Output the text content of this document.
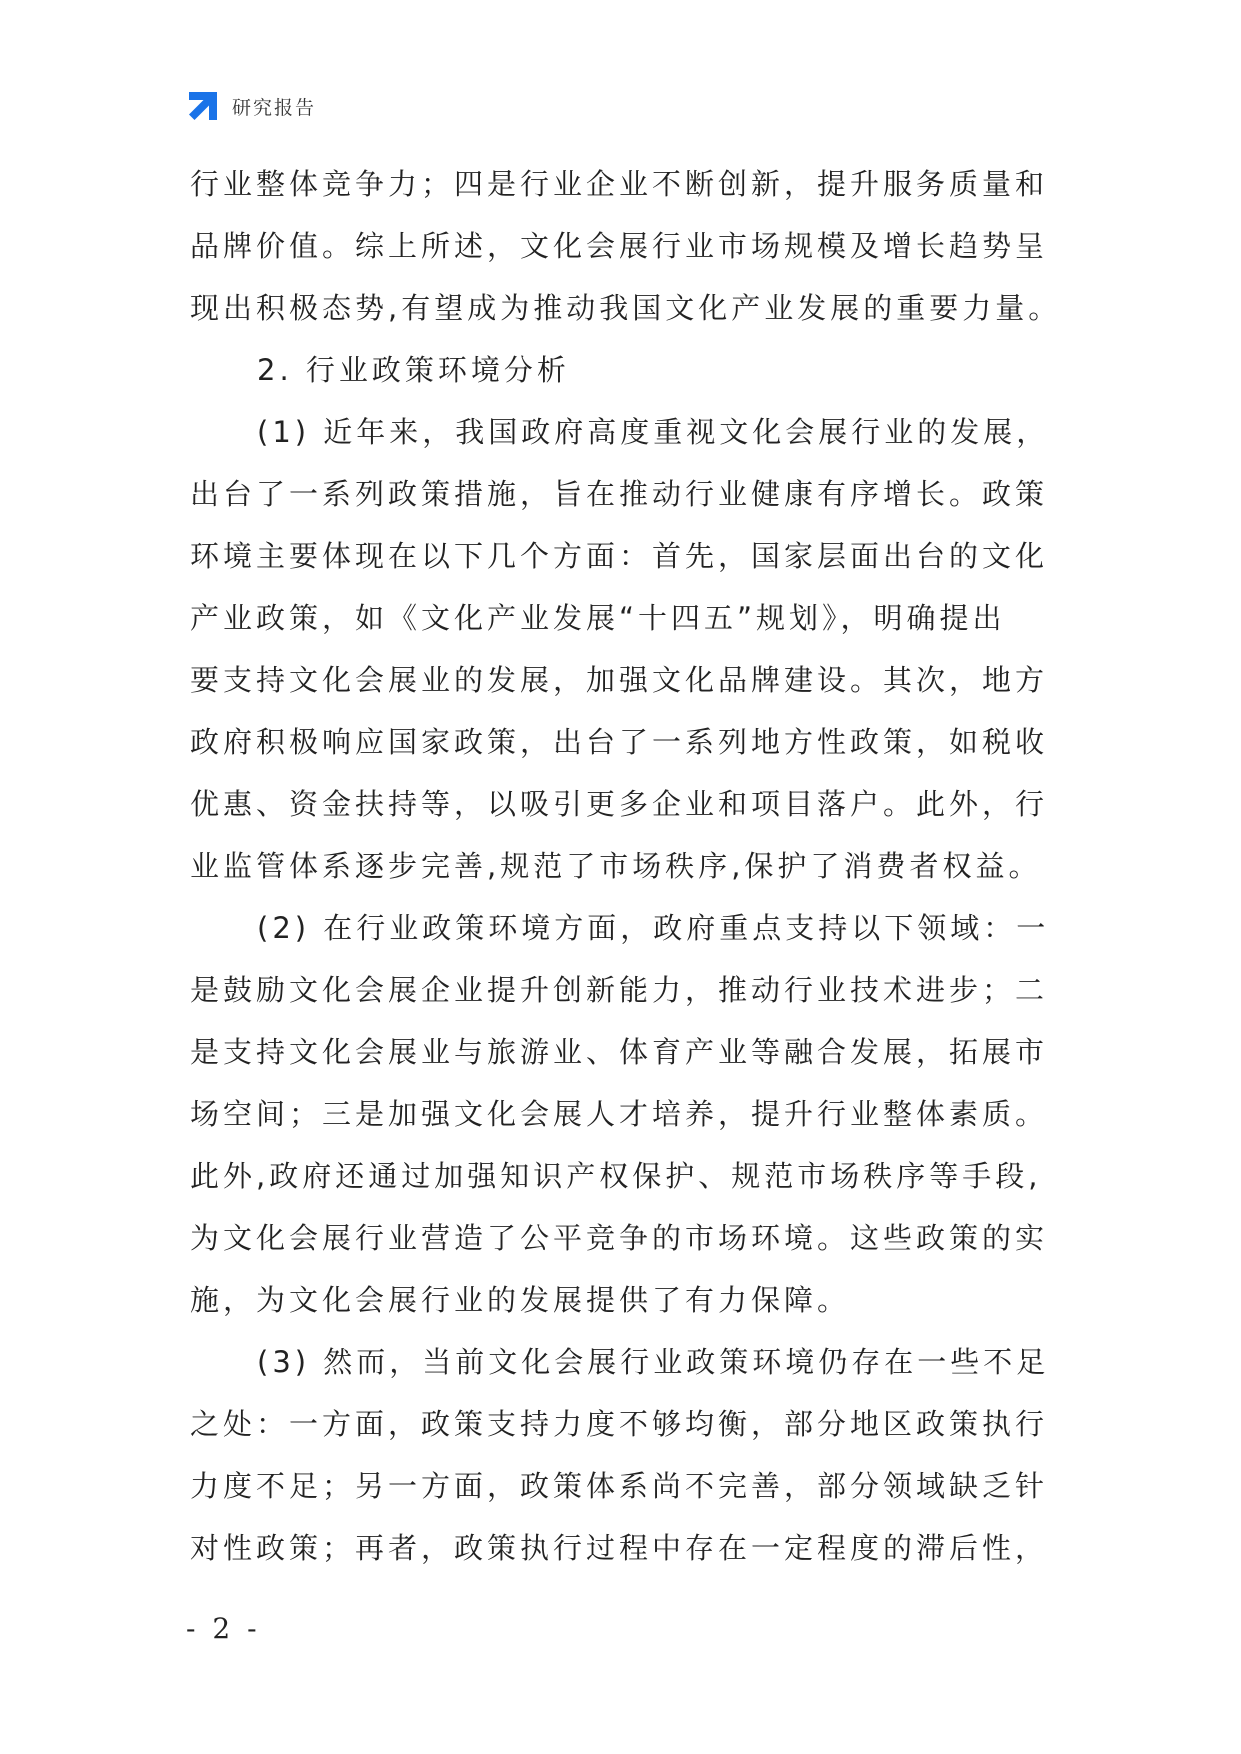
研究报告
行业整体竞争力；四是行业企业不断创新，提升服务质量和
品牌价值。综上所述，文化会展行业市场规模及增长趋势呈
现出积极态势,有望成为推动我国文化产业发展的重要力量。
2. 行业政策环境分析
(1) 近年来，我国政府高度重视文化会展行业的发展，
出台了一系列政策措施，旨在推动行业健康有序增长。政策
环境主要体现在以下几个方面：首先，国家层面出台的文化
产业政策，如《文化产业发展“十四五”规划》，明确提出
要支持文化会展业的发展，加强文化品牌建设。其次，地方
政府积极响应国家政策，出台了一系列地方性政策，如税收
优惠、资金扶持等，以吸引更多企业和项目落户。此外，行
业监管体系逐步完善,规范了市场秩序,保护了消费者权益。
(2) 在行业政策环境方面，政府重点支持以下领域：一
是鼓励文化会展企业提升创新能力，推动行业技术进步；二
是支持文化会展业与旅游业、体育产业等融合发展，拓展市
场空间；三是加强文化会展人才培养，提升行业整体素质。
此外,政府还通过加强知识产权保护、规范市场秩序等手段,
为文化会展行业营造了公平竞争的市场环境。这些政策的实
施，为文化会展行业的发展提供了有力保障。
(3) 然而，当前文化会展行业政策环境仍存在一些不足
之处：一方面，政策支持力度不够均衡，部分地区政策执行
力度不足；另一方面，政策体系尚不完善，部分领域缺乏针
对性政策；再者，政策执行过程中存在一定程度的滞后性，
- 2 -
